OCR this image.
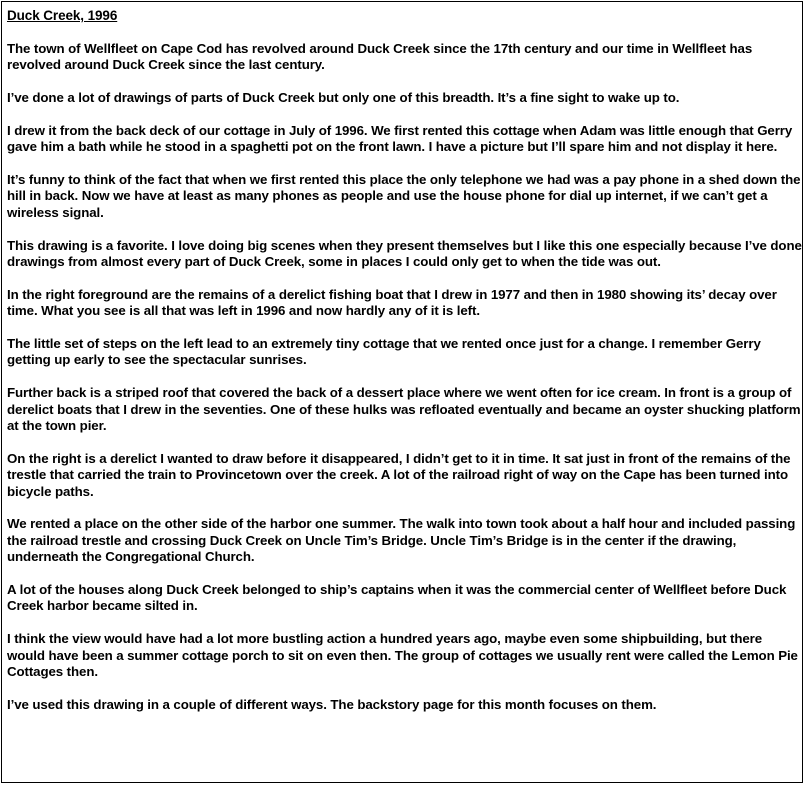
Duck Creek, 1996

The town of Wellfleet on Cape Cod has revolved around Duck Creek since the 17th century and our time in Wellfleet has revolved around Duck Creek since the last century.

I’ve done a lot of drawings of parts of Duck Creek but only one of this breadth. It’s a fine sight to wake up to.

I drew it from the back deck of our cottage in July of 1996. We first rented this cottage when Adam was little enough that Gerry gave him a bath while he stood in a spaghetti pot on the front lawn. I have a picture but I’ll spare him and not display it here.

It’s funny to think of the fact that when we first rented this place the only telephone we had was a pay phone in a shed down the hill in back. Now we have at least as many phones as people and use the house phone for dial up internet, if we can’t get a wireless signal.

This drawing is a favorite. I love doing big scenes when they present themselves but I like this one especially because I’ve done drawings from almost every part of Duck Creek, some in places I could only get to when the tide was out.

In the right foreground are the remains of a derelict fishing boat that I drew in 1977 and then in 1980 showing its’ decay over time. What you see is all that was left in 1996 and now hardly any of it is left.

The little set of steps on the left lead to an extremely tiny cottage that we rented once just for a change. I remember Gerry getting up early to see the spectacular sunrises.

Further back is a striped roof that covered the back of a dessert place where we went often for ice cream. In front is a group of derelict boats that I drew in the seventies. One of these hulks was refloated eventually and became an oyster shucking platform at the town pier.

On the right is a derelict I wanted to draw before it disappeared, I didn’t get to it in time. It sat just in front of the remains of the trestle that carried the train to Provincetown over the creek. A lot of the railroad right of way on the Cape has been turned into bicycle paths.

We rented a place on the other side of the harbor one summer. The walk into town took about a half hour and included passing the railroad trestle and crossing Duck Creek on Uncle Tim’s Bridge. Uncle Tim’s Bridge is in the center if the drawing, underneath the Congregational Church.

A lot of the houses along Duck Creek belonged to ship’s captains when it was the commercial center of Wellfleet before Duck Creek harbor became silted in.

I think the view would have had a lot more bustling action a hundred years ago, maybe even some shipbuilding, but there would have been a summer cottage porch to sit on even then. The group of cottages we usually rent were called the Lemon Pie Cottages then.

I’ve used this drawing in a couple of different ways. The backstory page for this month focuses on them.
